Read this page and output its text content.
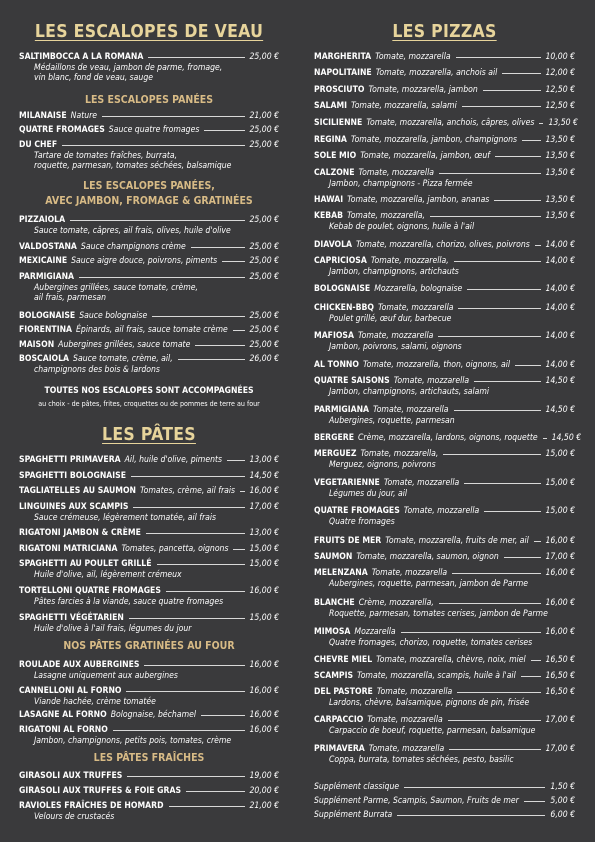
LES ESCALOPES DE VEAU
SALTIMBOCCA A LA ROMANA	25,00 €
Médaillons de veau, jambon de parme, fromage,
vin blanc, fond de veau, sauge
LES ESCALOPES PANÉES
MILANAISE Nature	21,00 €
QUATRE FROMAGES Sauce quatre fromages	25,00 €
DU CHEF	25,00 €
Tartare de tomates fraîches, burrata,
roquette, parmesan, tomates séchées, balsamique
LES ESCALOPES PANÉES,
AVEC JAMBON, FROMAGE & GRATINÉES
PIZZAIOLA	25,00 €
Sauce tomate, câpres, ail frais, olives, huile d'olive
VALDOSTANA Sauce champignons crème	25,00 €
MEXICAINE Sauce aigre douce, poivrons, piments	25,00 €
PARMIGIANA	25,00 €
Aubergines grillées, sauce tomate, crème,
ail frais, parmesan
BOLOGNAISE Sauce bolognaise	25,00 €
FIORENTINA Épinards, ail frais, sauce tomate crème	25,00 €
MAISON Aubergines grillées, sauce tomate	25,00 €
BOSCAIOLA Sauce tomate, crème, ail,	26,00 €
champignons des bois & lardons
TOUTES NOS ESCALOPES SONT ACCOMPAGNÉES
au choix - de pâtes, frites, croquettes ou de pommes de terre au four
LES PÂTES
SPAGHETTI PRIMAVERA Ail, huile d'olive, piments	13,00 €
SPAGHETTI BOLOGNAISE	14,50 €
TAGLIATELLES AU SAUMON Tomates, crème, ail frais 16,00 €
LINGUINES AUX SCAMPIS	17,00 €
Sauce crémeuse, légèrement tomatée, ail frais
RIGATONI JAMBON & CRÈME	13,00 €
RIGATONI MATRICIANA Tomates, pancetta, oignons 15,00 €
SPAGHETTI AU POULET GRILLÉ	15,00 €
Huile d'olive, ail, légèrement crémeux
TORTELLONI QUATRE FROMAGES	16,00 €
Pâtes farcies à la viande, sauce quatre fromages
SPAGHETTI VÉGÉTARIEN	15,00 €
Huile d'olive à l'ail frais, légumes du jour
NOS PÂTES GRATINÉES AU FOUR
ROULADE AUX AUBERGINES	16,00 €
Lasagne uniquement aux aubergines
CANNELLONI AL FORNO	16,00 €
Viande hachée, crème tomatée
LASAGNE AL FORNO Bolognaise, béchamel	16,00 €
RIGATONI AL FORNO	16,00 €
Jambon, champignons, petits pois, tomates, crème
LES PÂTES FRAÎCHES
GIRASOLI AUX TRUFFES	19,00 €
GIRASOLI AUX TRUFFES & FOIE GRAS	20,00 €
RAVIOLES FRAÎCHES DE HOMARD	21,00 €
Velours de crustacés
LES PIZZAS
MARGHERITA Tomate, mozzarella	10,00 €
NAPOLITAINE Tomate, mozzarella, anchois ail	12,00 €
PROSCIUTO Tomate, mozzarella, jambon	12,50 €
SALAMI Tomate, mozzarella, salami	12,50 €
SICILIENNE Tomate, mozzarella, anchois, câpres, olives 13,50 €
REGINA Tomate, mozzarella, jambon, champignons	13,50 €
SOLE MIO Tomate, mozzarella, jambon, œuf	13,50 €
CALZONE Tomate, mozzarella	13,50 €
Jambon, champignons - Pizza fermée
HAWAI Tomate, mozzarella, jambon, ananas	13,50 €
KEBAB Tomate, mozzarella,	13,50 €
Kebab de poulet, oignons, huile à l'ail
DIAVOLA Tomate, mozzarella, chorizo, olives, poivrons 14,00 €
CAPRICIOSA Tomate, mozzarella,	14,00 €
Jambon, champignons, artichauts
BOLOGNAISE Mozzarella, bolognaise	14,00 €
CHICKEN-BBQ Tomate, mozzarella	14,00 €
Poulet grillé, œuf dur, barbecue
MAFIOSA Tomate, mozzarella	14,00 €
Jambon, poivrons, salami, oignons
AL TONNO Tomate, mozzarella, thon, oignons, ail	14,00 €
QUATRE SAISONS Tomate, mozzarella	14,50 €
Jambon, champignons, artichauts, salami
PARMIGIANA Tomate, mozzarella	14,50 €
Aubergines, roquette, parmesan
BERGERE Crème, mozzarella, lardons, oignons, roquette 14,50 €
MERGUEZ Tomate, mozzarella,	15,00 €
Merguez, oignons, poivrons
VEGETARIENNE Tomate, mozzarella	15,00 €
Légumes du jour, ail
QUATRE FROMAGES Tomate, mozzarella	15,00 €
Quatre fromages
FRUITS DE MER Tomate, mozzarella, fruits de mer, ail 16,00 €
SAUMON Tomate, mozzarella, saumon, oignon	17,00 €
MELENZANA Tomate, mozzarella	16,00 €
Aubergines, roquette, parmesan, jambon de Parme
BLANCHE Crème, mozzarella,	16,00 €
Roquette, parmesan, tomates cerises, jambon de Parme
MIMOSA Mozzarella	16,00 €
Quatre fromages, chorizo, roquette, tomates cerises
CHEVRE MIEL Tomate, mozzarella, chèvre, noix, miel 16,50 €
SCAMPIS Tomate, mozzarella, scampis, huile à l'ail	16,50 €
DEL PASTORE Tomate, mozzarella	16,50 €
Lardons, chèvre, balsamique, pignons de pin, frisée
CARPACCIO Tomate, mozzarella	17,00 €
Carpaccio de boeuf, roquette, parmesan, balsamique
PRIMAVERA Tomate, mozzarella	17,00 €
Coppa, burrata, tomates séchées, pesto, basilic
Supplément classique	1,50 €
Supplément Parme, Scampis, Saumon, Fruits de mer	5,00 €
Supplément Burrata	6,00 €
